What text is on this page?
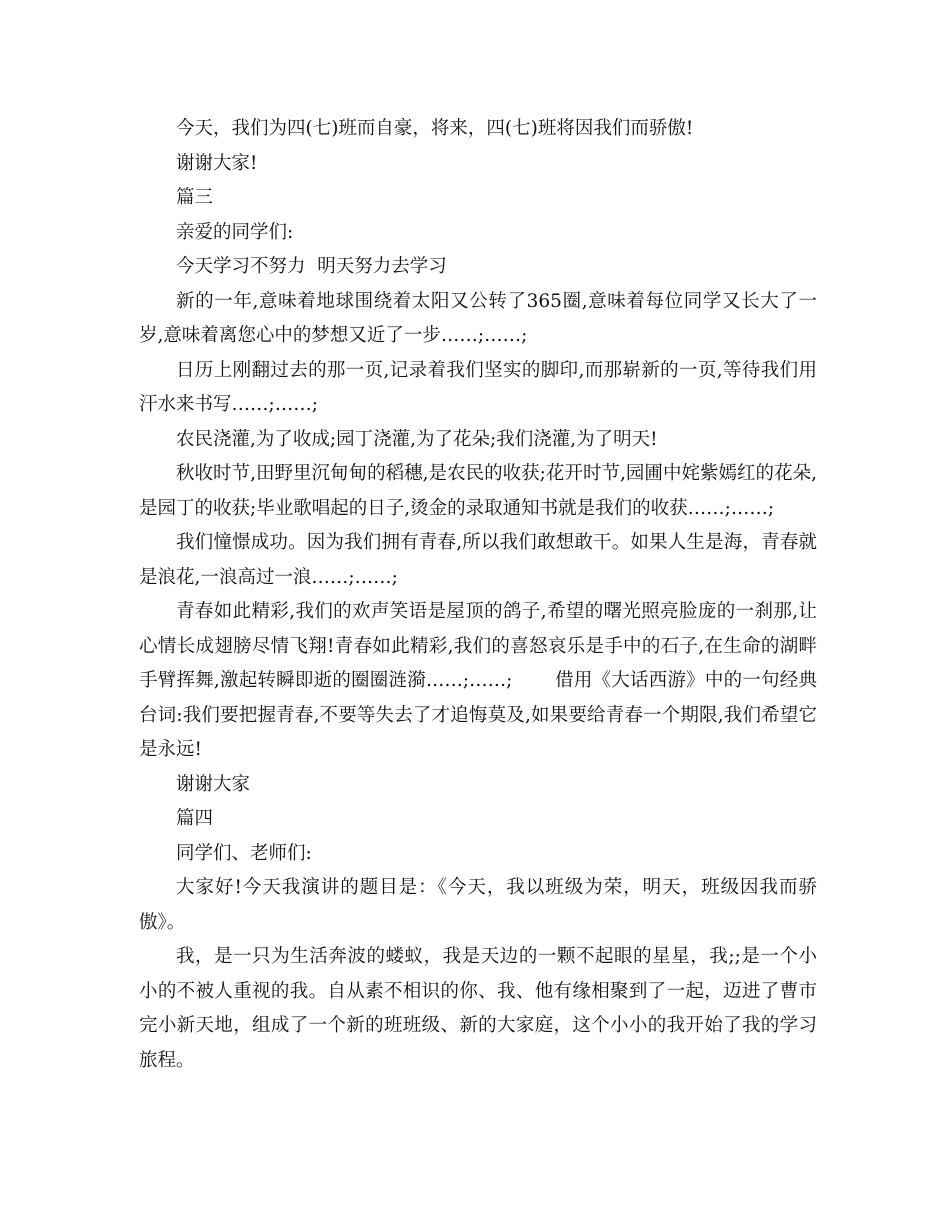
今天，我们为四(七)班而自豪，将来，四(七)班将因我们而骄傲!

谢谢大家!

篇三

亲爱的同学们:

今天学习不努力  明天努力去学习

新的一年,意味着地球围绕着太阳又公转了365圈,意味着每位同学又长大了一岁,意味着离您心中的梦想又近了一步……;……;

日历上刚翻过去的那一页,记录着我们坚实的脚印,而那崭新的一页,等待我们用汗水来书写……;……;

农民浇灌,为了收成;园丁浇灌,为了花朵;我们浇灌,为了明天!

秋收时节,田野里沉甸甸的稻穗,是农民的收获;花开时节,园圃中姹紫嫣红的花朵,是园丁的收获;毕业歌唱起的日子,烫金的录取通知书就是我们的收获……;……;

我们憧憬成功。因为我们拥有青春,所以我们敢想敢干。如果人生是海，青春就是浪花,一浪高过一浪……;……;

青春如此精彩,我们的欢声笑语是屋顶的鸽子,希望的曙光照亮脸庞的一刹那,让心情长成翅膀尽情飞翔!青春如此精彩,我们的喜怒哀乐是手中的石子,在生命的湖畔手臂挥舞,激起转瞬即逝的圈圈涟漪……;……;       借用《大话西游》中的一句经典台词:我们要把握青春,不要等失去了才追悔莫及,如果要给青春一个期限,我们希望它是永远!

谢谢大家

篇四

同学们、老师们:

大家好!今天我演讲的题目是：《今天，我以班级为荣，明天，班级因我而骄傲》。

我，是一只为生活奔波的蝼蚁，我是天边的一颗不起眼的星星，我;;是一个小小的不被人重视的我。自从素不相识的你、我、他有缘相聚到了一起，迈进了曹市完小新天地，组成了一个新的班班级、新的大家庭，这个小小的我开始了我的学习旅程。
